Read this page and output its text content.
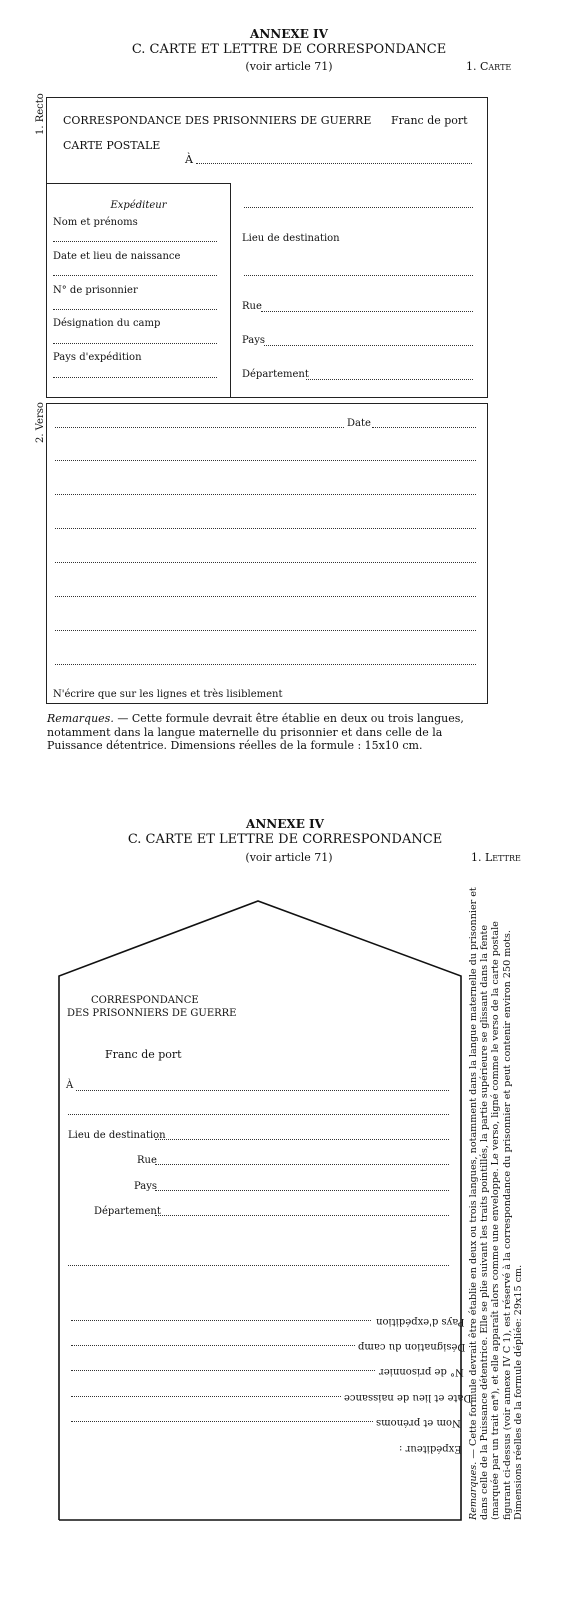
ANNEXE IV
C. CARTE ET LETTRE DE CORRESPONDANCE
(voir article 71)	1. Carte
1. Recto CORRESPONDANCE DES PRISONNIERS DE GUERRE Franc de port
CARTE POSTALE
À
Expéditeur
Nom et prénoms
Date et lieu de naissance
N° de prisonnier
Désignation du camp
Pays d'expédition
Lieu de destination
Rue
Pays
Département
2. Verso	Date
N'écrire que sur les lignes et très lisiblement
Remarques. — Cette formule devrait être établie en deux ou trois langues, notamment dans la langue maternelle du prisonnier et dans celle de la Puissance détentrice. Dimensions réelles de la formule : 15x10 cm.
ANNEXE IV
C. CARTE ET LETTRE DE CORRESPONDANCE
(voir article 71)	1. Lettre
CORRESPONDANCE
DES PRISONNIERS DE GUERRE
Franc de port
À
Lieu de destination
Rue
Pays
Département
Pays d'expédition
Désignation du camp
N° de prisonnier
Date et lieu de naissance
Nom et prénoms
Expéditeur :
Remarques. — Cette formule devrait être établie en deux ou trois langues, notamment dans la langue maternelle du prisonnier et dans celle de la Puissance détentrice. Elle se plie suivant les traits pointillés, la partie supérieure se glissant dans la fente (marquée par un trait en*), et elle apparaît alors comme une enveloppe. Le verso, ligné comme le verso de la carte postale figurant ci-dessus (voir annexe IV C 1), est réservé à la correspondance du prisonnier et peut contenir environ 250 mots. Dimensions réelles de la formule dépliée: 29x15 cm.
